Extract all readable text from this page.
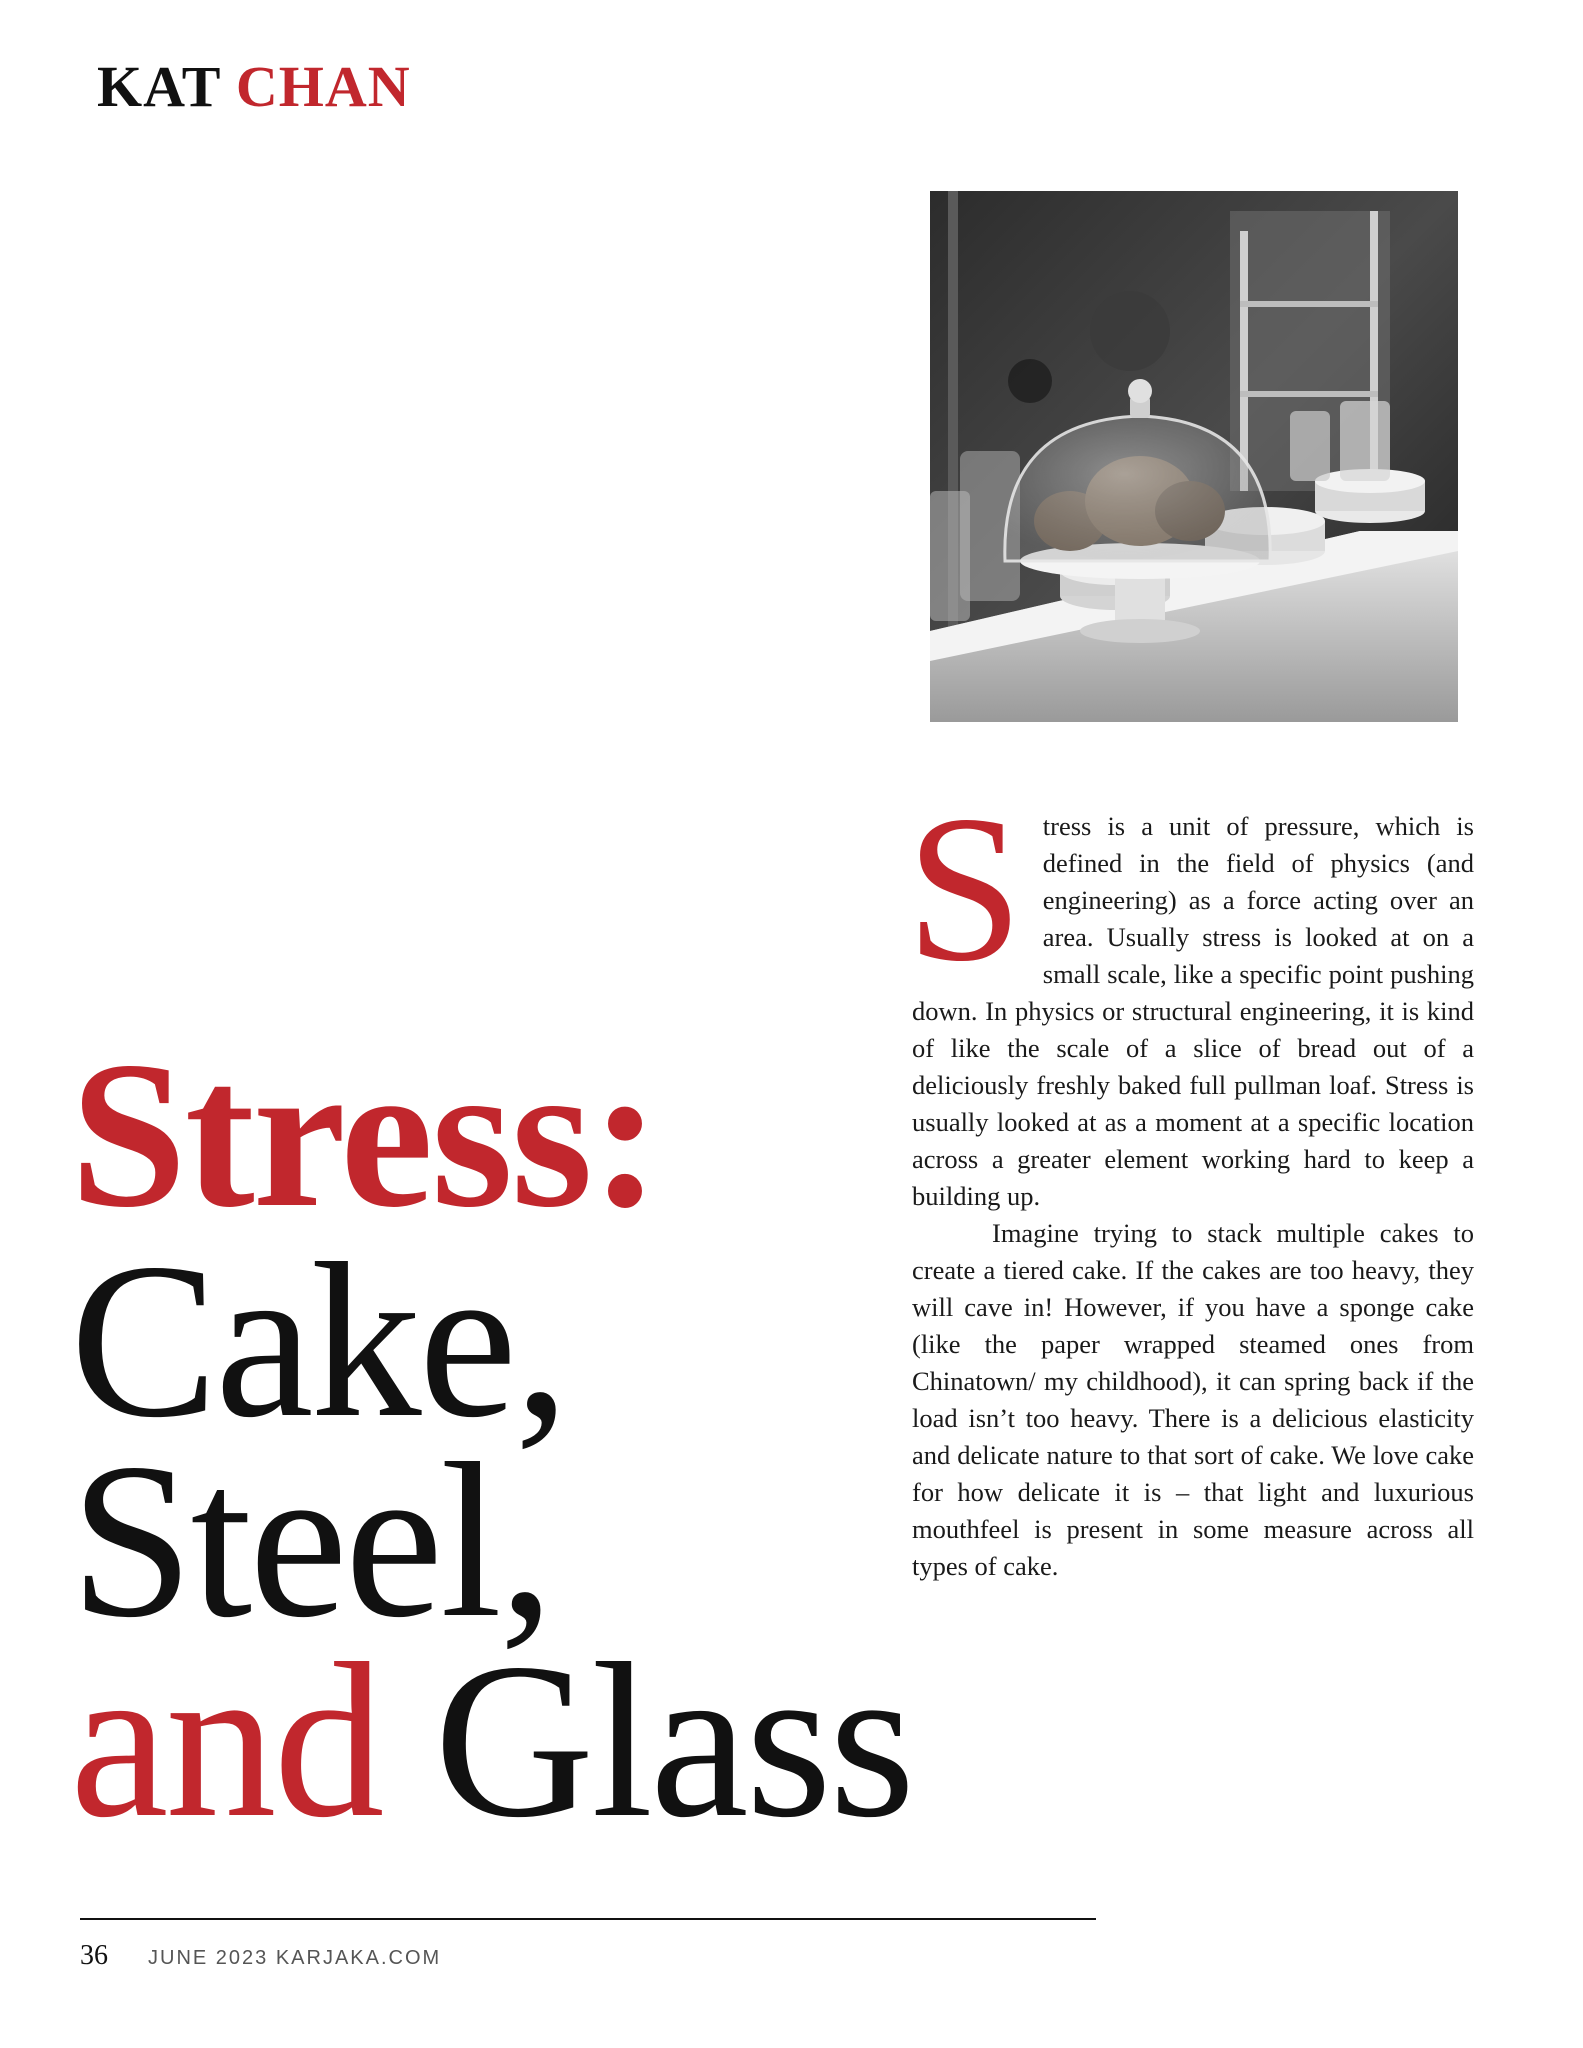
KAT CHAN
Stress:
Cake,
Steel,
and Glass

Stress is a unit of pressure, which is defined in the field of physics (and engineering) as a force acting over an area. Usually stress is looked at on a small scale, like a specific point pushing down. In physics or structural engineering, it is kind of like the scale of a slice of bread out of a deliciously freshly baked full pullman loaf. Stress is usually looked at as a moment at a specific location across a greater element working hard to keep a building up.

Imagine trying to stack multiple cakes to create a tiered cake. If the cakes are too heavy, they will cave in! However, if you have a sponge cake (like the paper wrapped steamed ones from Chinatown/ my childhood), it can spring back if the load isn’t too heavy. There is a delicious elasticity and delicate nature to that sort of cake. We love cake for how delicate it is – that light and luxurious mouthfeel is present in some measure across all types of cake.

36 JUNE 2023 KARJAKA.COM
